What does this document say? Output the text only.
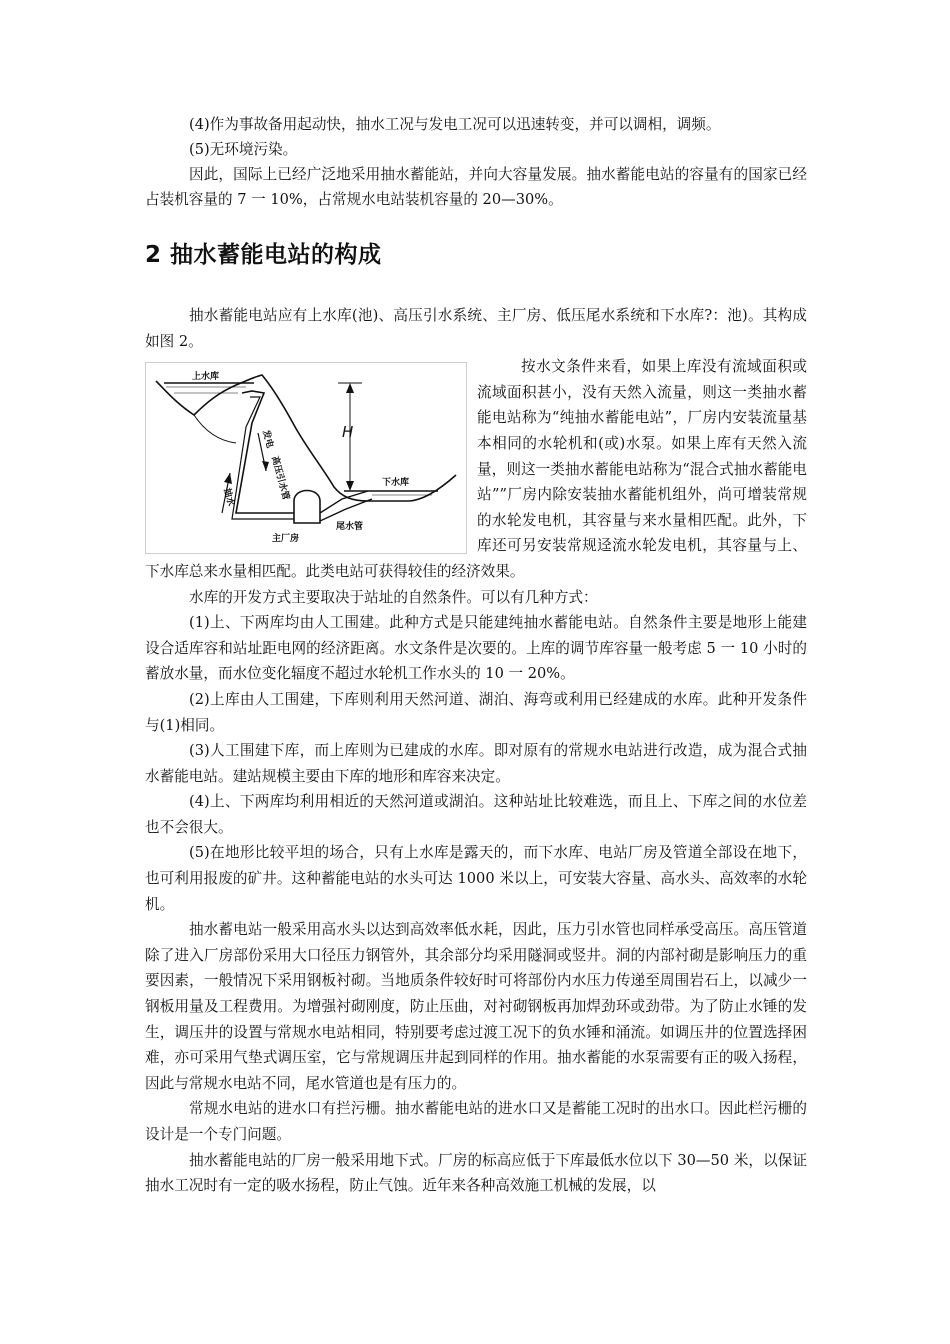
(4)作为事故备用起动快，抽水工况与发电工况可以迅速转变，并可以调相，调频。

(5)无环境污染。

因此，国际上已经广泛地采用抽水蓄能站，并向大容量发展。抽水蓄能电站的容量有的国家已经占装机容量的 7 一 10%，占常规水电站装机容量的 20—30%。

2 抽水蓄能电站的构成

抽水蓄能电站应有上水库(池)、高压引水系统、主厂房、低压尾水系统和下水库?：池)。其构成如图 2。

上水库
发电	H
高压引水管
抽水
下水库
主厂房
尾水管

按水文条件来看，如果上库没有流域面积或流域面积甚小，没有天然入流量，则这一类抽水蓄能电站称为“纯抽水蓄能电站”，厂房内安装流量基本相同的水轮机和(或)水泵。如果上库有天然入流量，则这一类抽水蓄能电站称为“混合式抽水蓄能电站””厂房内除安装抽水蓄能机组外，尚可增装常规的水轮发电机，其容量与来水量相匹配。此外，下库还可另安装常规迳流水轮发电机，其容量与上、下水库总来水量相匹配。此类电站可获得较佳的经济效果。

水库的开发方式主要取决于站址的自然条件。可以有几种方式：

(1)上、下两库均由人工围建。此种方式是只能建纯抽水蓄能电站。自然条件主要是地形上能建设合适库容和站址距电网的经济距离。水文条件是次要的。上库的调节库容量一般考虑 5 一 10 小时的蓄放水量，而水位变化辐度不超过水轮机工作水头的 10 一 20%。

(2)上库由人工围建，下库则利用天然河道、湖泊、海弯或利用已经建成的水库。此种开发条件与(1)相同。

(3)人工围建下库，而上库则为已建成的水库。即对原有的常规水电站进行改造，成为混合式抽水蓄能电站。建站规模主要由下库的地形和库容来决定。

(4)上、下两库均利用相近的天然河道或湖泊。这种站址比较难选，而且上、下库之间的水位差也不会很大。

(5)在地形比较平坦的场合，只有上水库是露天的，而下水库、电站厂房及管道全部设在地下，也可利用报废的矿井。这种蓄能电站的水头可达 1000 米以上，可安装大容量、高水头、高效率的水轮机。

抽水蓄电站一般采用高水头以达到高效率低水耗，因此，压力引水管也同样承受高压。高压管道除了进入厂房部份采用大口径压力钢管外，其余部分均采用隧洞或竖井。洞的内部衬砌是影响压力的重要因素，一般情况下采用钢板衬砌。当地质条件较好时可将部份内水压力传递至周围岩石上，以减少一钢板用量及工程费用。为增强衬砌刚度，防止压曲，对衬砌钢板再加焊劲环或劲带。为了防止水锤的发生，调压井的设置与常规水电站相同，特别要考虑过渡工况下的负水锤和涌流。如调压井的位置选择困难，亦可采用气垫式调压室，它与常规调压井起到同样的作用。抽水蓄能的水泵需要有正的吸入扬程，因此与常规水电站不同，尾水管道也是有压力的。

常规水电站的进水口有拦污栅。抽水蓄能电站的进水口又是蓄能工况时的出水口。因此栏污栅的设计是一个专门问题。

抽水蓄能电站的厂房一般采用地下式。厂房的标高应低于下库最低水位以下 30—50 米，以保证抽水工况时有一定的吸水扬程，防止气蚀。近年来各种高效施工机械的发展，以
